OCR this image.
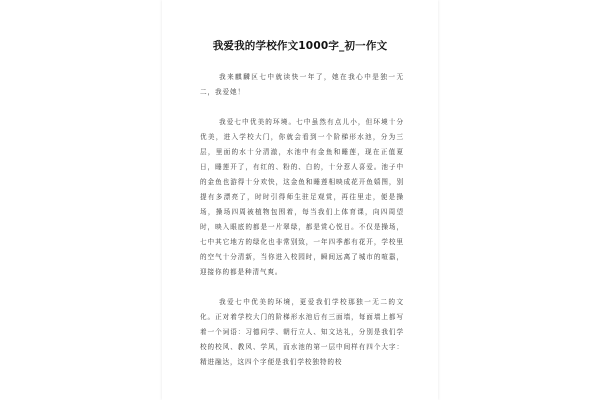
我爱我的学校作文1000字_初一作文

我来麒麟区七中就读快一年了，她在我心中是独一无二，我爱她！

我爱七中优美的环境。七中虽然有点儿小，但环境十分优美，进入学校大门，你就会看到一个阶梯形水池，分为三层，里面的水十分清澈，水池中有金鱼和睡莲，现在正值夏日，睡莲开了，有红的、粉的、白的，十分惹人喜爱。池子中的金鱼也游得十分欢快，这金鱼和睡莲相映成花开鱼嬉图，别提有多漂亮了，时时引得师生驻足观赏，再往里走，便是操场，操场四周被植物包围着，每当我们上体育课，向四周望时，映入眼底的都是一片翠绿，都是赏心悦目。不仅是操场，七中其它地方的绿化也非常别致，一年四季都有花开，学校里的空气十分清新，当你进入校园时，瞬间远离了城市的喧嚣，迎接你的都是种清气爽。

我爱七中优美的环境，更爱我们学校那独一无二的文化。正对着学校大门的阶梯形水池后有三面墙，每面墙上都写着一个词语：习德问学、朝行立人、知文达礼，分别是我们学校的校风、教风、学风，而水池的第一层中间样有四个大字：精进融达，这四个字便是我们学校独特的校
